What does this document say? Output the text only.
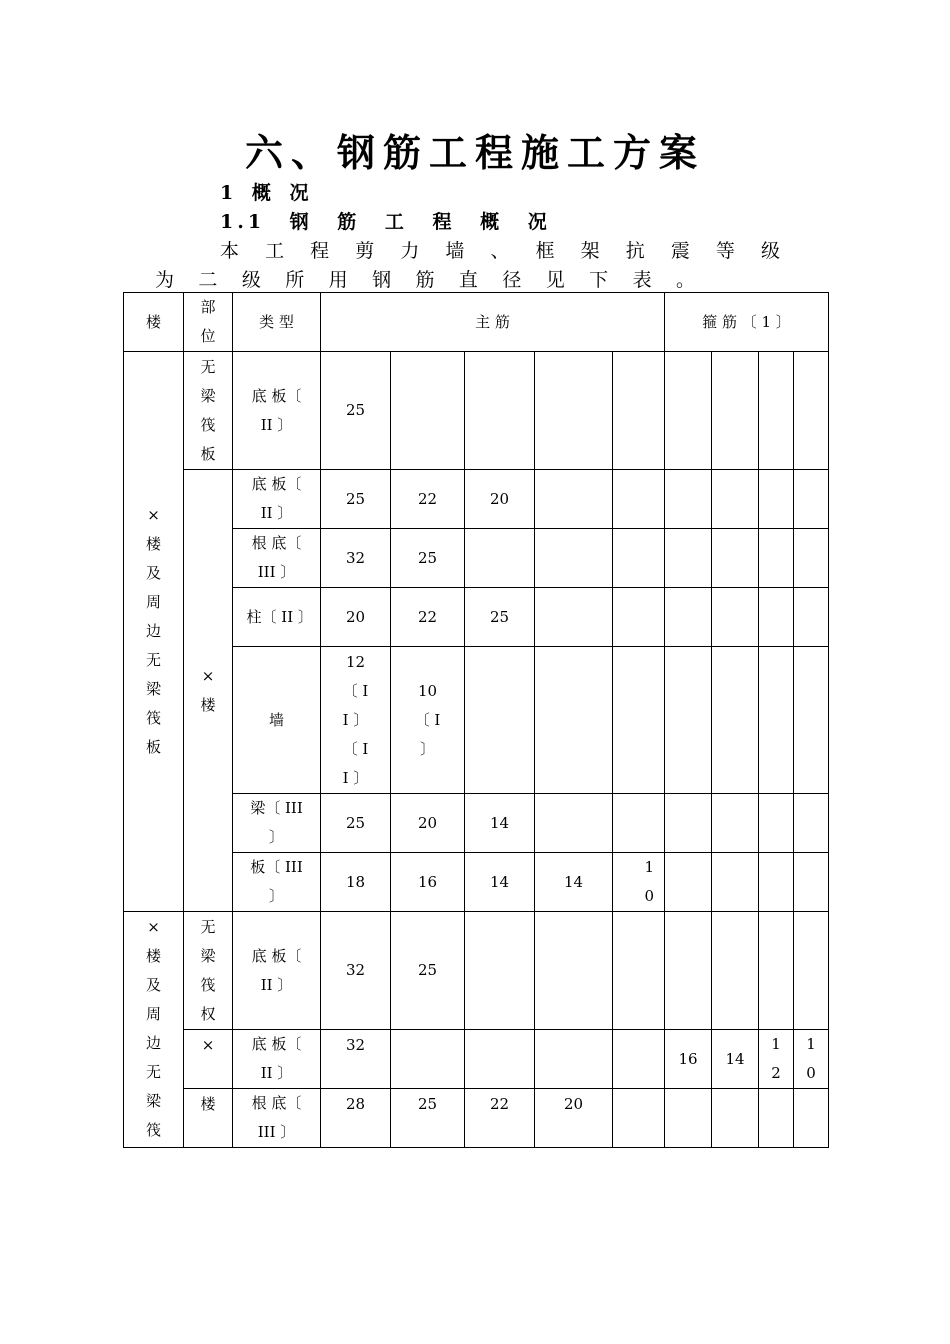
六、钢筋工程施工方案
1 概 况
1.1 钢 筋 工 程 概 况
本工程剪力墙、框架抗震等级
为二级所用钢筋直径见下表。
楼	部位	类 型	主 筋					箍 筋 〔 1 〕			
×楼及周边无梁筏板	无梁筏板	底 板〔 II 〕	25								
	×楼	底 板〔 II 〕	25	22	20						
		根 底〔 III 〕	32	25							
		柱〔 II 〕	20	22	25						
		墙	12〔 II 〕〔 II 〕	10〔 I 〕							
		梁〔 III 〕	25	20	14						
		板〔 III 〕	18	16	14	14	10				
×楼及周边无梁筏	无梁筏权	底 板〔 II 〕	32	25							
	×	底 板〔 II 〕	32					16	14	12	10
	楼	根 底〔 III 〕	28	25	22	20					
